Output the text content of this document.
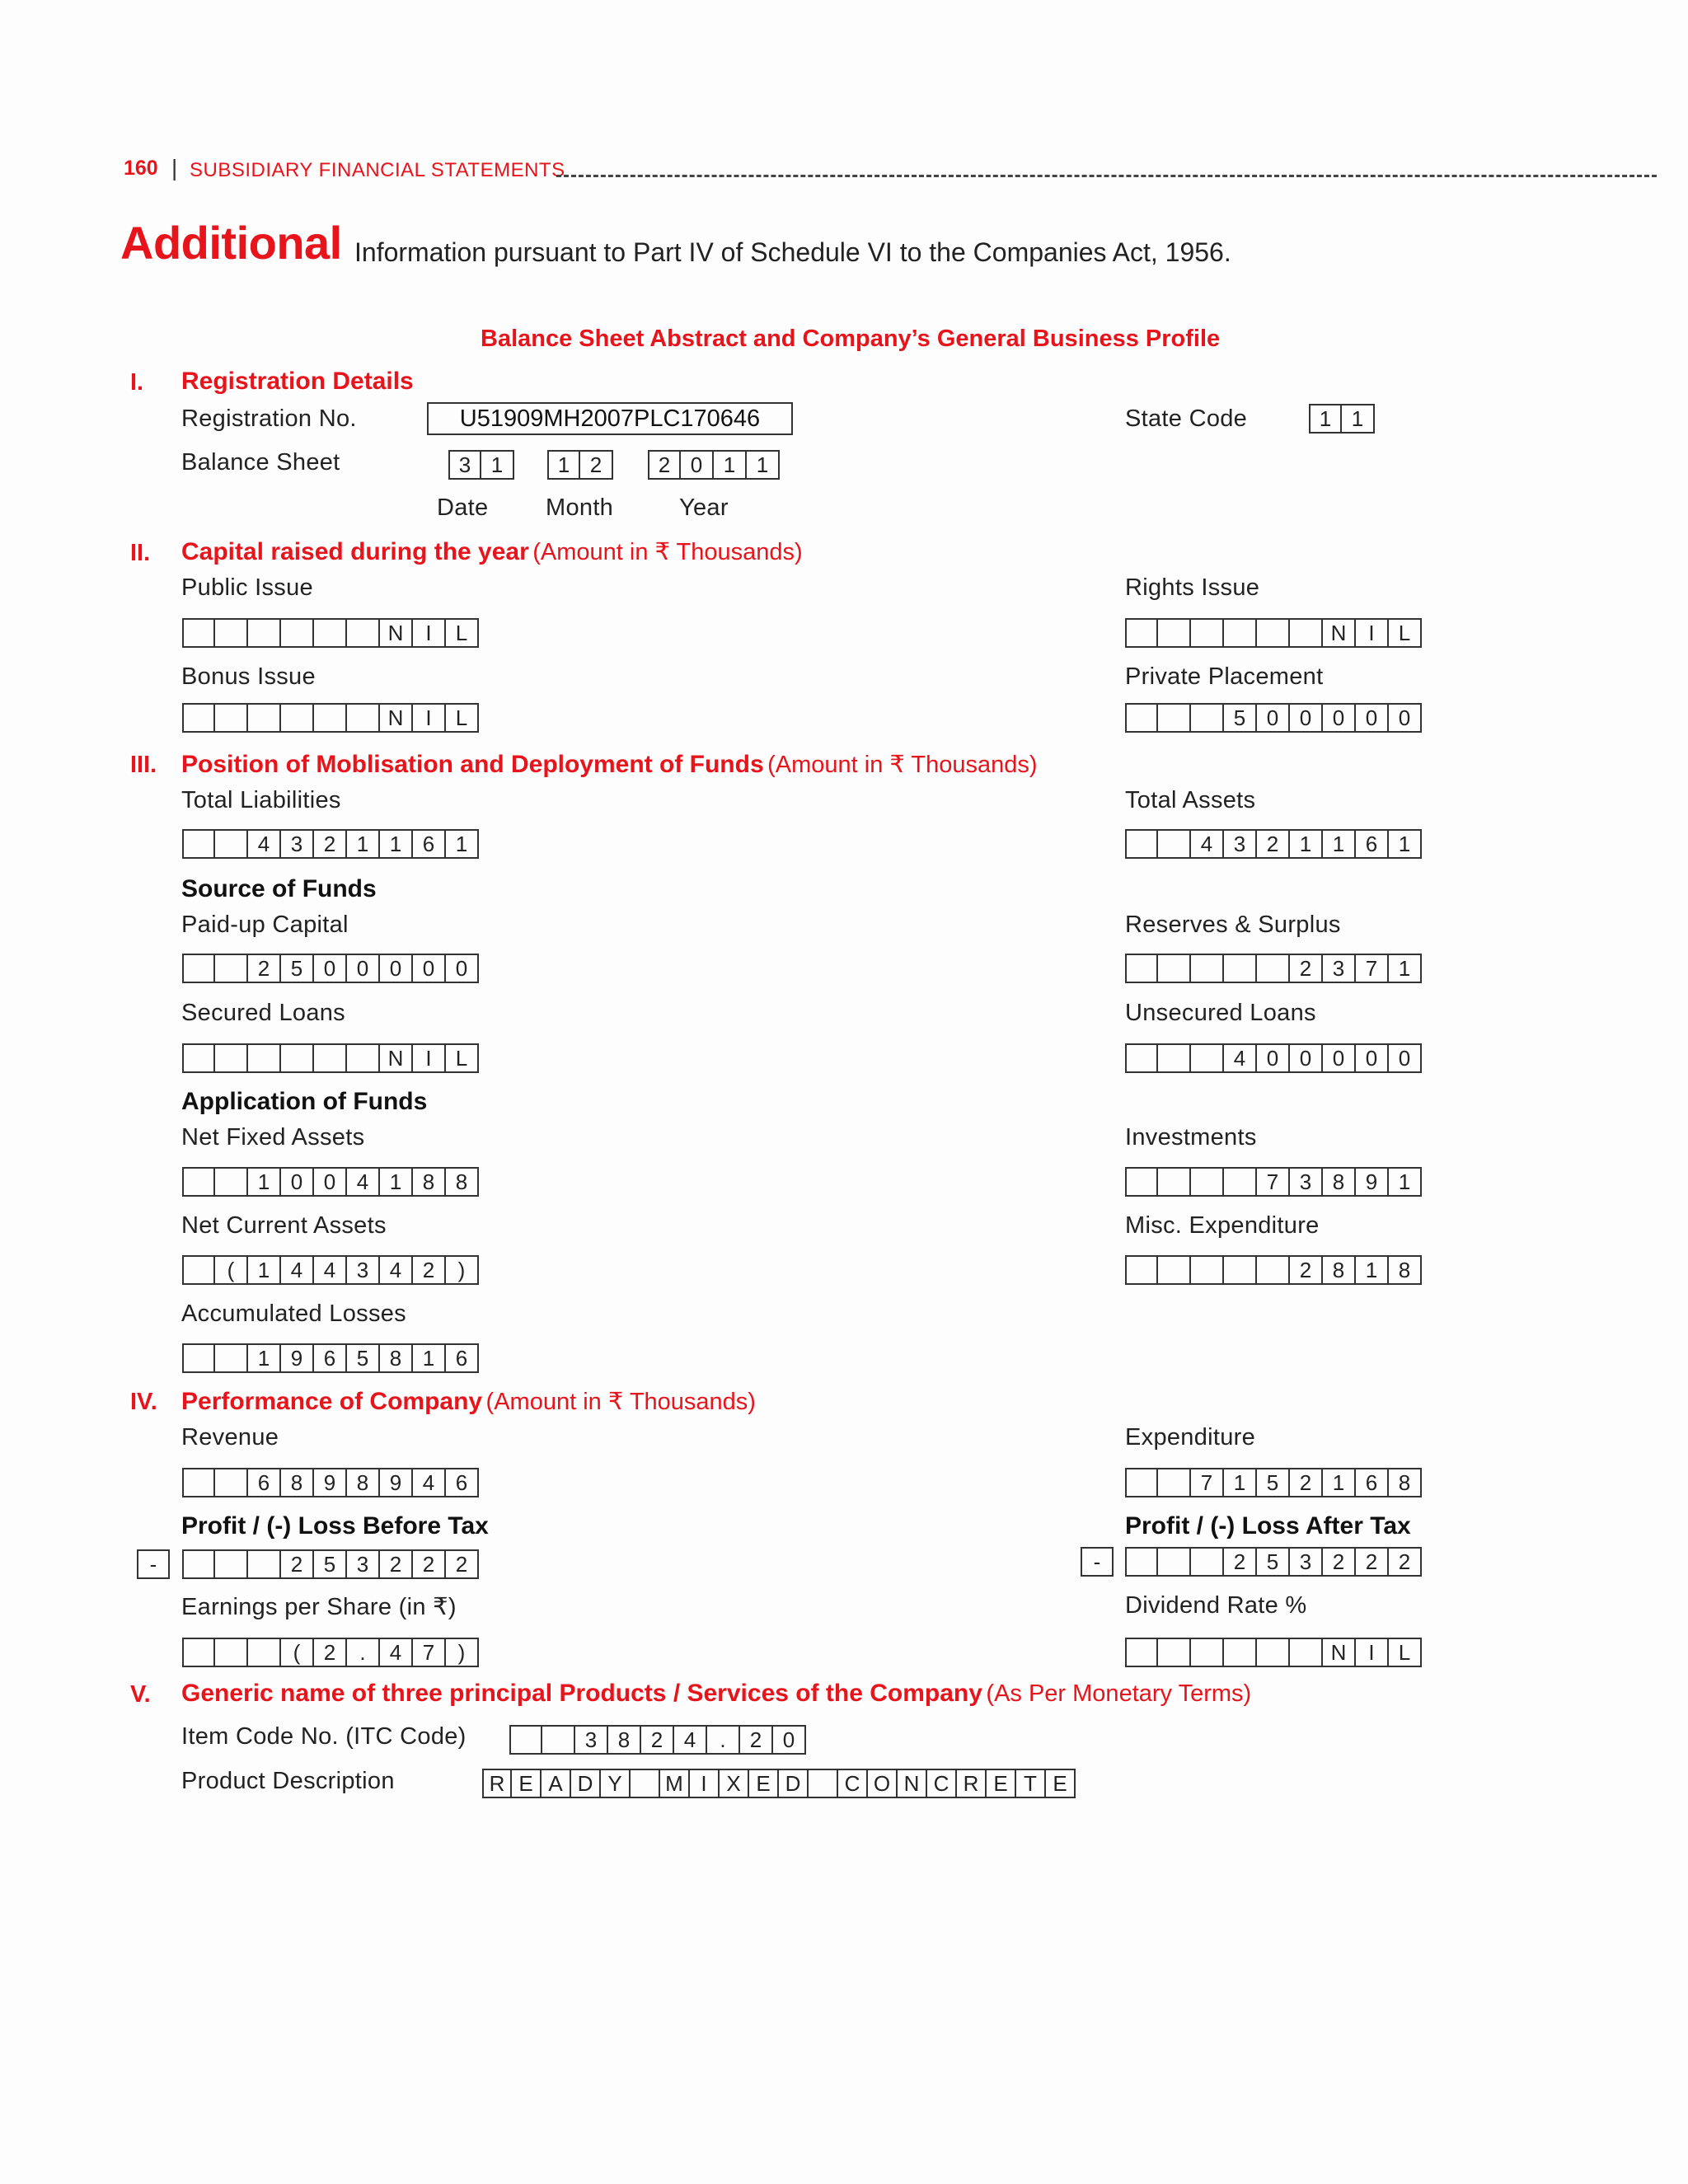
160 | SUBSIDIARY FINANCIAL STATEMENTS
Additional Information pursuant to Part IV of Schedule VI to the Companies Act, 1956.
Balance Sheet Abstract and Company’s General Business Profile
I. Registration Details
Registration No.	U51909MH2007PLC170646	State Code	1 1
Balance Sheet	3 1	1 2	2 0 1 1
Date Month	Year
II. Capital raised during the year (Amount in ₹ Thousands)
Public Issue
N	I	L
Rights Issue
N	I	L
Bonus Issue
N	I	L
Private Placement
5 0 0 0 0 0
III. Position of Moblisation and Deployment of Funds (Amount in ₹ Thousands)
Total Liabilities
4 3 2 1 1 6 1
Total Assets
4 3 2 1 1 6 1
Source of Funds
Paid-up Capital
2 5 0 0 0 0 0
Reserves & Surplus
2 3 7 1
Secured Loans
N	I	L
Unsecured Loans
4 0 0 0 0 0
Application of Funds
Net Fixed Assets
1 0 0 4 1 8 8
Investments
7 3 8 9 1
Net Current Assets
(	1 4 4 3 4 2	)
Misc. Expenditure
2 8 1 8
Accumulated Losses
1 9 6 5 8 1 6
IV. Performance of Company (Amount in ₹ Thousands)
Revenue
6 8 9 8 9 4 6
Expenditure
7 1 5 2 1 6 8
Profit / (-) Loss Before Tax
-	2 5 3 2 2 2
Profit / (-) Loss After Tax
-	2 5 3 2 2 2
Earnings per Share (in ₹)
(	2	.	4 7	)
Dividend Rate %
N	I	L
V. Generic name of three principal Products / Services of the Company (As Per Monetary Terms)
Item Code No. (ITC Code)	3 8 2 4	.	2 0
Product Description	R E A D Y	M I X E D	C O N C R E T E
